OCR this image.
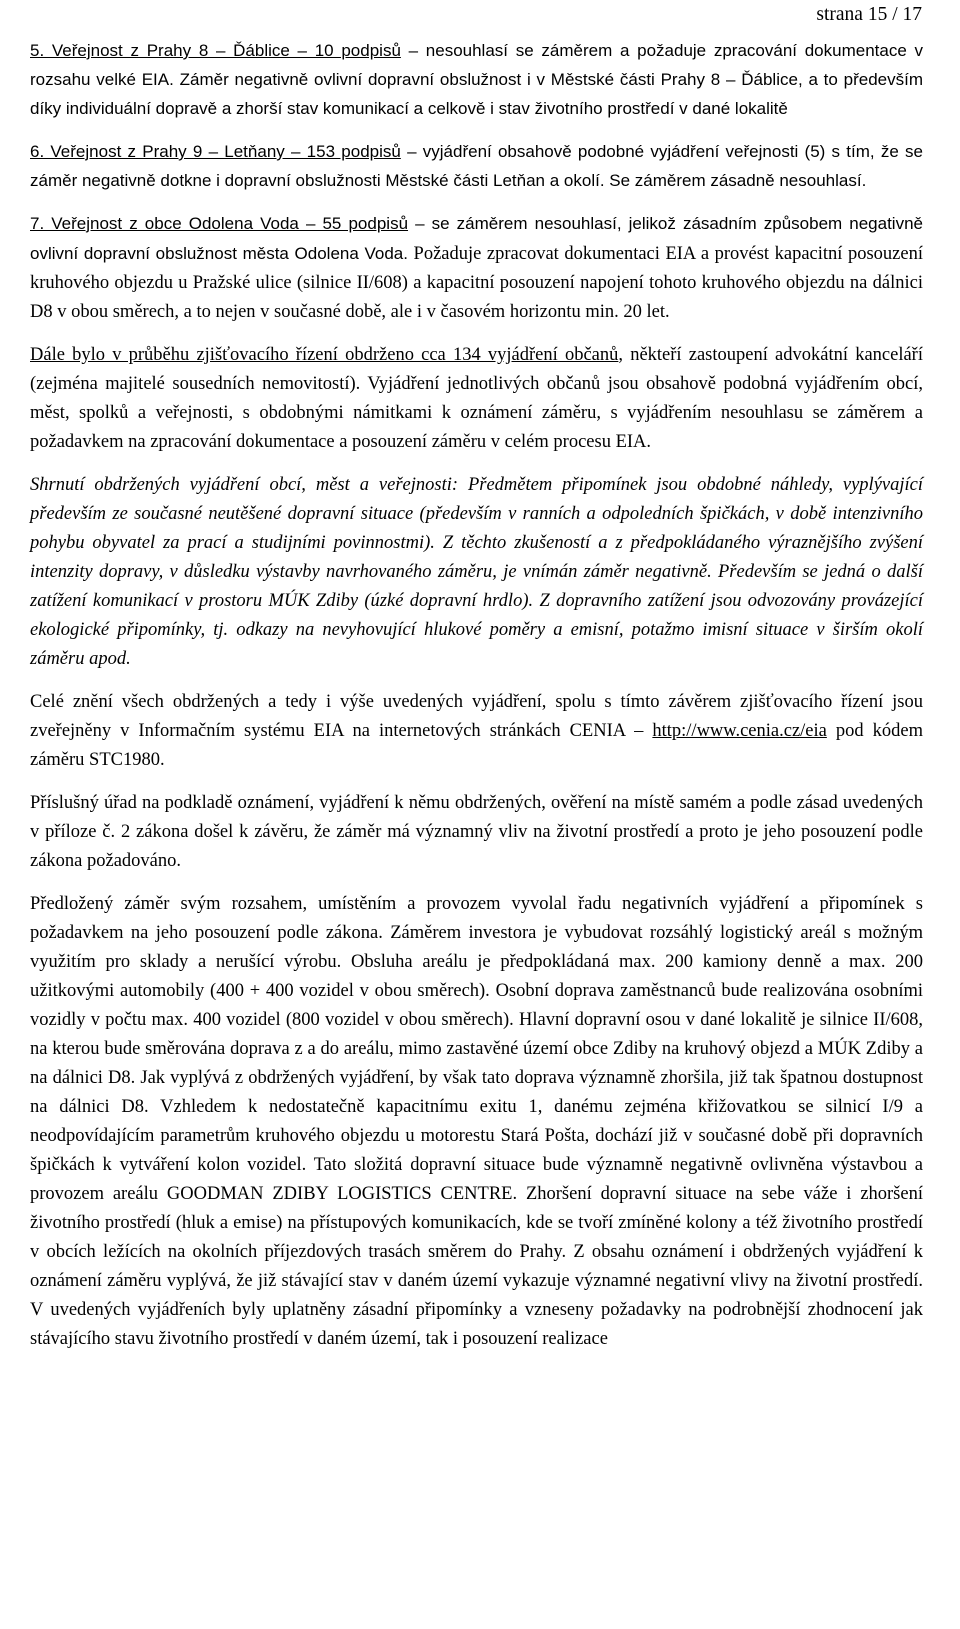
strana 15 / 17

5. Veřejnost z Prahy 8 – Ďáblice – 10 podpisů – nesouhlasí se záměrem a požaduje zpracování dokumentace v rozsahu velké EIA. Záměr negativně ovlivní dopravní obslužnost i v Městské části Prahy 8 – Ďáblice, a to především díky individuální dopravě a zhorší stav komunikací a celkově i stav životního prostředí v dané lokalitě

6. Veřejnost z Prahy 9 – Letňany – 153 podpisů – vyjádření obsahově podobné vyjádření veřejnosti (5) s tím, že se záměr negativně dotkne i dopravní obslužnosti Městské části Letňan a okolí. Se záměrem zásadně nesouhlasí.

7. Veřejnost z obce Odolena Voda – 55 podpisů – se záměrem nesouhlasí, jelikož zásadním způsobem negativně ovlivní dopravní obslužnost města Odolena Voda. Požaduje zpracovat dokumentaci EIA a provést kapacitní posouzení kruhového objezdu u Pražské ulice (silnice II/608) a kapacitní posouzení napojení tohoto kruhového objezdu na dálnici D8 v obou směrech, a to nejen v současné době, ale i v časovém horizontu min. 20 let.

Dále bylo v průběhu zjišťovacího řízení obdrženo cca 134 vyjádření občanů, někteří zastoupení advokátní kanceláří (zejména majitelé sousedních nemovitostí). Vyjádření jednotlivých občanů jsou obsahově podobná vyjádřením obcí, měst, spolků a veřejnosti, s obdobnými námitkami k oznámení záměru, s vyjádřením nesouhlasu se záměrem a požadavkem na zpracování dokumentace a posouzení záměru v celém procesu EIA.

Shrnutí obdržených vyjádření obcí, měst a veřejnosti: Předmětem připomínek jsou obdobné náhledy, vyplývající především ze současné neutěšené dopravní situace (především v ranních a odpoledních špičkách, v době intenzivního pohybu obyvatel za prací a studijními povinnostmi). Z těchto zkušeností a z předpokládaného výraznějšího zvýšení intenzity dopravy, v důsledku výstavby navrhovaného záměru, je vnímán záměr negativně. Především se jedná o další zatížení komunikací v prostoru MÚK Zdiby (úzké dopravní hrdlo). Z dopravního zatížení jsou odvozovány provázející ekologické připomínky, tj. odkazy na nevyhovující hlukové poměry a emisní, potažmo imisní situace v širším okolí záměru apod.

Celé znění všech obdržených a tedy i výše uvedených vyjádření, spolu s tímto závěrem zjišťovacího řízení jsou zveřejněny v Informačním systému EIA na internetových stránkách CENIA – http://www.cenia.cz/eia pod kódem záměru STC1980.

Příslušný úřad na podkladě oznámení, vyjádření k němu obdržených, ověření na místě samém a podle zásad uvedených v příloze č. 2 zákona došel k závěru, že záměr má významný vliv na životní prostředí a proto je jeho posouzení podle zákona požadováno.

Předložený záměr svým rozsahem, umístěním a provozem vyvolal řadu negativních vyjádření a připomínek s požadavkem na jeho posouzení podle zákona. Záměrem investora je vybudovat rozsáhlý logistický areál s možným využitím pro sklady a nerušící výrobu. Obsluha areálu je předpokládaná max. 200 kamiony denně a max. 200 užitkovými automobily (400 + 400 vozidel v obou směrech). Osobní doprava zaměstnanců bude realizována osobními vozidly v počtu max. 400 vozidel (800 vozidel v obou směrech). Hlavní dopravní osou v dané lokalitě je silnice II/608, na kterou bude směrována doprava z a do areálu, mimo zastavěné území obce Zdiby na kruhový objezd a MÚK Zdiby a na dálnici D8. Jak vyplývá z obdržených vyjádření, by však tato doprava významně zhoršila, již tak špatnou dostupnost na dálnici D8. Vzhledem k nedostatečně kapacitnímu exitu 1, danému zejména křižovatkou se silnicí I/9 a neodpovídajícím parametrům kruhového objezdu u motorestu Stará Pošta, dochází již v současné době při dopravních špičkách k vytváření kolon vozidel. Tato složitá dopravní situace bude významně negativně ovlivněna výstavbou a provozem areálu GOODMAN ZDIBY LOGISTICS CENTRE. Zhoršení dopravní situace na sebe váže i zhoršení životního prostředí (hluk a emise) na přístupových komunikacích, kde se tvoří zmíněné kolony a též životního prostředí v obcích ležících na okolních příjezdových trasách směrem do Prahy. Z obsahu oznámení i obdržených vyjádření k oznámení záměru vyplývá, že již stávající stav v daném území vykazuje významné negativní vlivy na životní prostředí. V uvedených vyjádřeních byly uplatněny zásadní připomínky a vzneseny požadavky na podrobnější zhodnocení jak stávajícího stavu životního prostředí v daném území, tak i posouzení realizace
